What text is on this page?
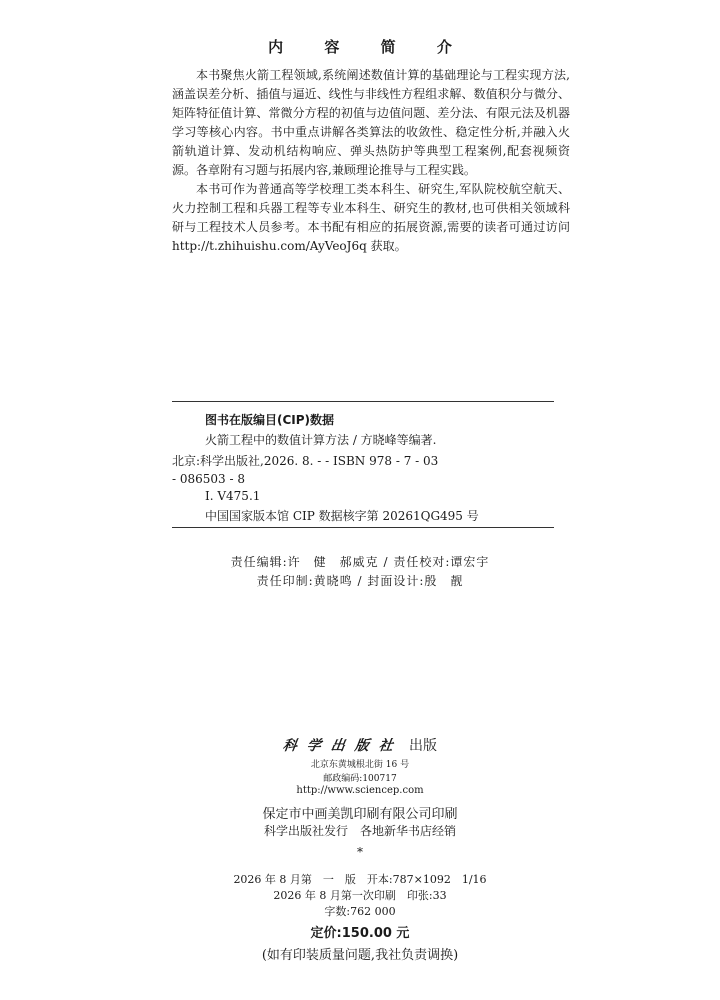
内 容 简 介

本书聚焦火箭工程领域,系统阐述数值计算的基础理论与工程实现方法,涵盖误差分析、插值与逼近、线性与非线性方程组求解、数值积分与微分、矩阵特征值计算、常微分方程的初值与边值问题、差分法、有限元法及机器学习等核心内容。书中重点讲解各类算法的收敛性、稳定性分析,并融入火箭轨道计算、发动机结构响应、弹头热防护等典型工程案例,配套视频资源。各章附有习题与拓展内容,兼顾理论推导与工程实践。

本书可作为普通高等学校理工类本科生、研究生,军队院校航空航天、火力控制工程和兵器工程等专业本科生、研究生的教材,也可供相关领域科研与工程技术人员参考。本书配有相应的拓展资源,需要的读者可通过访问 http://t.zhihuishu.com/AyVeoJ6q 获取。

图书在版编目(CIP)数据
火箭工程中的数值计算方法 / 方晓峰等编著.
北京:科学出版社,2026. 8. - - ISBN 978 - 7 - 03
- 086503 - 8
Ⅰ. V475.1
中国国家版本馆 CIP 数据核字第 20261QG495 号
责任编辑:许　健　郝威克 / 责任校对:谭宏宇
责任印制:黄晓鸣 / 封面设计:殷　靓
科学出版社 出版
北京东黄城根北街 16 号
邮政编码:100717
http://www.sciencep.com
保定市中画美凯印刷有限公司印刷
科学出版社发行　各地新华书店经销
*
2026 年 8 月第　一　版　开本:787×1092　1/16
2026 年 8 月第一次印刷　印张:33
字数:762 000
定价:150.00 元
(如有印装质量问题,我社负责调换)
